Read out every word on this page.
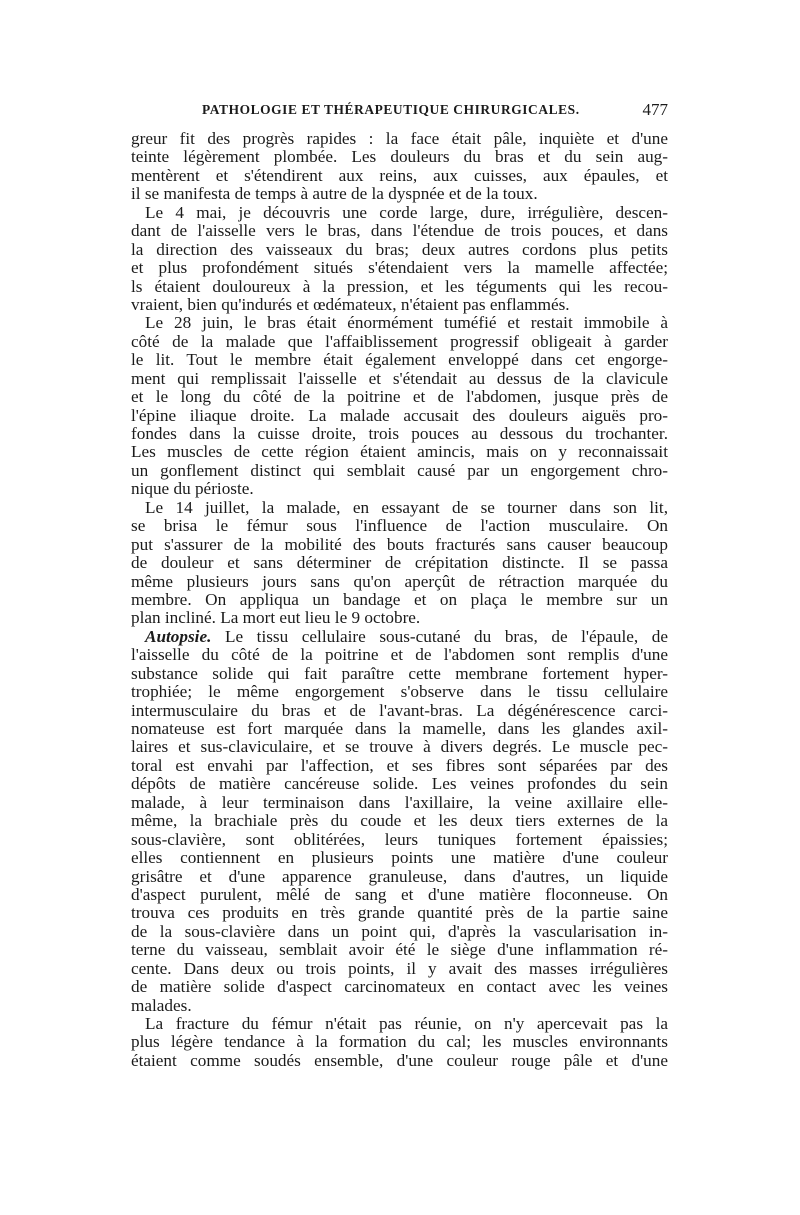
PATHOLOGIE ET THÉRAPEUTIQUE CHIRURGICALES.	477
greur fit des progrès rapides : la face était pâle, inquiète et d'une
teinte légèrement plombée. Les douleurs du bras et du sein aug-
mentèrent et s'étendirent aux reins, aux cuisses, aux épaules, et
il se manifesta de temps à autre de la dyspnée et de la toux.
Le 4 mai, je découvris une corde large, dure, irrégulière, descen-
dant de l'aisselle vers le bras, dans l'étendue de trois pouces, et dans
la direction des vaisseaux du bras; deux autres cordons plus petits
et plus profondément situés s'étendaient vers la mamelle affectée;
ls étaient douloureux à la pression, et les téguments qui les recou-
vraient, bien qu'indurés et œdémateux, n'étaient pas enflammés.
Le 28 juin, le bras était énormément tuméfié et restait immobile à
côté de la malade que l'affaiblissement progressif obligeait à garder
le lit. Tout le membre était également enveloppé dans cet engorge-
ment qui remplissait l'aisselle et s'étendait au dessus de la clavicule
et le long du côté de la poitrine et de l'abdomen, jusque près de
l'épine iliaque droite. La malade accusait des douleurs aiguës pro-
fondes dans la cuisse droite, trois pouces au dessous du trochanter.
Les muscles de cette région étaient amincis, mais on y reconnaissait
un gonflement distinct qui semblait causé par un engorgement chro-
nique du périoste.
Le 14 juillet, la malade, en essayant de se tourner dans son lit,
se brisa le fémur sous l'influence de l'action musculaire. On
put s'assurer de la mobilité des bouts fracturés sans causer beaucoup
de douleur et sans déterminer de crépitation distincte. Il se passa
même plusieurs jours sans qu'on aperçût de rétraction marquée du
membre. On appliqua un bandage et on plaça le membre sur un
plan incliné. La mort eut lieu le 9 octobre.
Autopsie. Le tissu cellulaire sous-cutané du bras, de l'épaule, de
l'aisselle du côté de la poitrine et de l'abdomen sont remplis d'une
substance solide qui fait paraître cette membrane fortement hyper-
trophiée; le même engorgement s'observe dans le tissu cellulaire
intermusculaire du bras et de l'avant-bras. La dégénérescence carci-
nomateuse est fort marquée dans la mamelle, dans les glandes axil-
laires et sus-claviculaire, et se trouve à divers degrés. Le muscle pec-
toral est envahi par l'affection, et ses fibres sont séparées par des
dépôts de matière cancéreuse solide. Les veines profondes du sein
malade, à leur terminaison dans l'axillaire, la veine axillaire elle-
même, la brachiale près du coude et les deux tiers externes de la
sous-clavière, sont oblitérées, leurs tuniques fortement épaissies;
elles contiennent en plusieurs points une matière d'une couleur
grisâtre et d'une apparence granuleuse, dans d'autres, un liquide
d'aspect purulent, mêlé de sang et d'une matière floconneuse. On
trouva ces produits en très grande quantité près de la partie saine
de la sous-clavière dans un point qui, d'après la vascularisation in-
terne du vaisseau, semblait avoir été le siège d'une inflammation ré-
cente. Dans deux ou trois points, il y avait des masses irrégulières
de matière solide d'aspect carcinomateux en contact avec les veines
malades.
La fracture du fémur n'était pas réunie, on n'y apercevait pas la
plus légère tendance à la formation du cal; les muscles environnants
étaient comme soudés ensemble, d'une couleur rouge pâle et d'une
